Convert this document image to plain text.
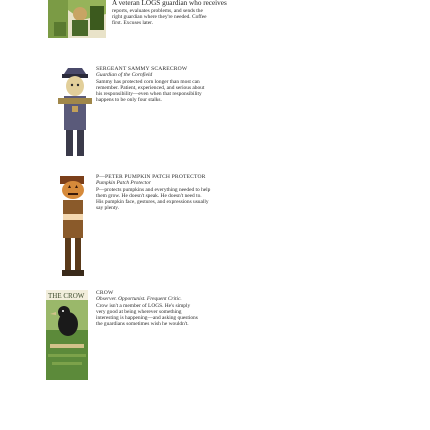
A veteran LOGS guardian who receives

reports, evaluates problems, and sends the

right guardian where they're needed. Coffee

first. Excuses later.

SERGEANT SAMMY SCARECROW

Guardian of the Cornfield

Sammy has protected corn longer than most can

remember. Patient, experienced, and serious about

his responsibility—even when that responsibility

happens to be only four stalks.

P—PETER PUMPKIN PATCH PROTECTOR

Pumpkin Patch Protector

P—protects pumpkins and everything needed to help

them grow. He doesn't speak. He doesn't need to.

His pumpkin face, gestures, and expressions usually

say plenty.

THE CROW CROW

Observer. Opportunist. Frequent Critic.

Crow isn't a member of LOGS. He's simply

very good at being wherever something

interesting is happening—and asking questions

the guardians sometimes wish he wouldn't.
